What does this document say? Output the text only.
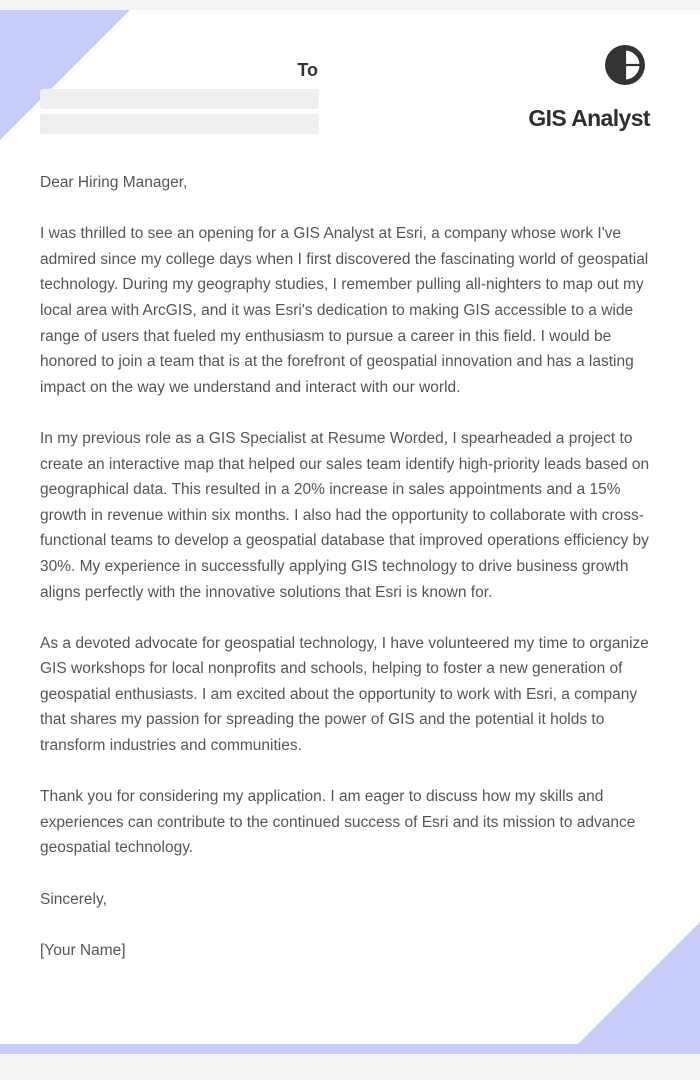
To
GIS Analyst

Dear Hiring Manager,

I was thrilled to see an opening for a GIS Analyst at Esri, a company whose work I've admired since my college days when I first discovered the fascinating world of geospatial technology. During my geography studies, I remember pulling all-nighters to map out my local area with ArcGIS, and it was Esri's dedication to making GIS accessible to a wide range of users that fueled my enthusiasm to pursue a career in this field. I would be honored to join a team that is at the forefront of geospatial innovation and has a lasting impact on the way we understand and interact with our world.

In my previous role as a GIS Specialist at Resume Worded, I spearheaded a project to create an interactive map that helped our sales team identify high-priority leads based on geographical data. This resulted in a 20% increase in sales appointments and a 15% growth in revenue within six months. I also had the opportunity to collaborate with cross-functional teams to develop a geospatial database that improved operations efficiency by 30%. My experience in successfully applying GIS technology to drive business growth aligns perfectly with the innovative solutions that Esri is known for.

As a devoted advocate for geospatial technology, I have volunteered my time to organize GIS workshops for local nonprofits and schools, helping to foster a new generation of geospatial enthusiasts. I am excited about the opportunity to work with Esri, a company that shares my passion for spreading the power of GIS and the potential it holds to transform industries and communities.

Thank you for considering my application. I am eager to discuss how my skills and experiences can contribute to the continued success of Esri and its mission to advance geospatial technology.

Sincerely,

[Your Name]
